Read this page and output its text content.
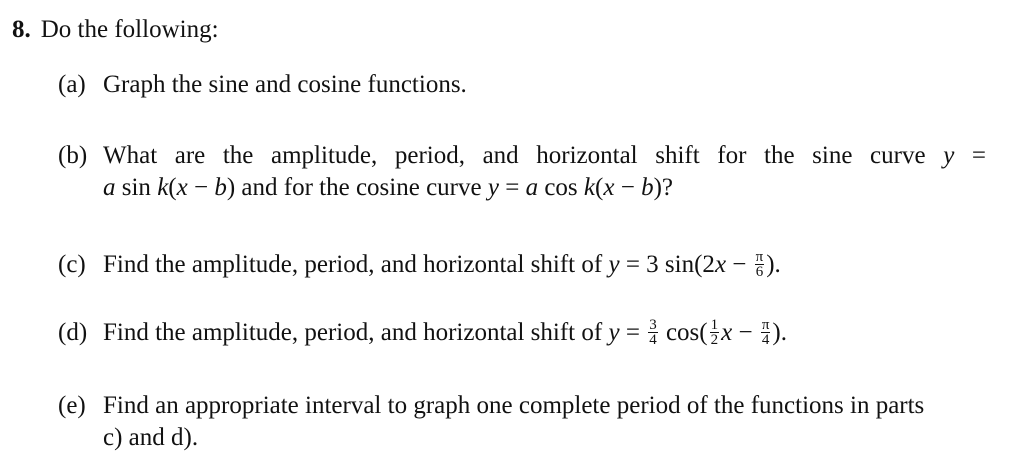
8. Do the following:
(a) Graph the sine and cosine functions.
(b) What are the amplitude, period, and horizontal shift for the sine curve y =
a sin k(x − b) and for the cosine curve y = a cos k(x − b)?
(c) Find the amplitude, period, and horizontal shift of y = 3 $\sin(2x - \frac{\pi}{6}$ ).
(d) Find the amplitude, period, and horizontal shift of $y = \frac{3}{4} \cos( \frac{1}{2}$ $x - \frac{\pi}{4}$ ).
(e) Find an appropriate interval to graph one complete period of the functions in parts
c) and d).
